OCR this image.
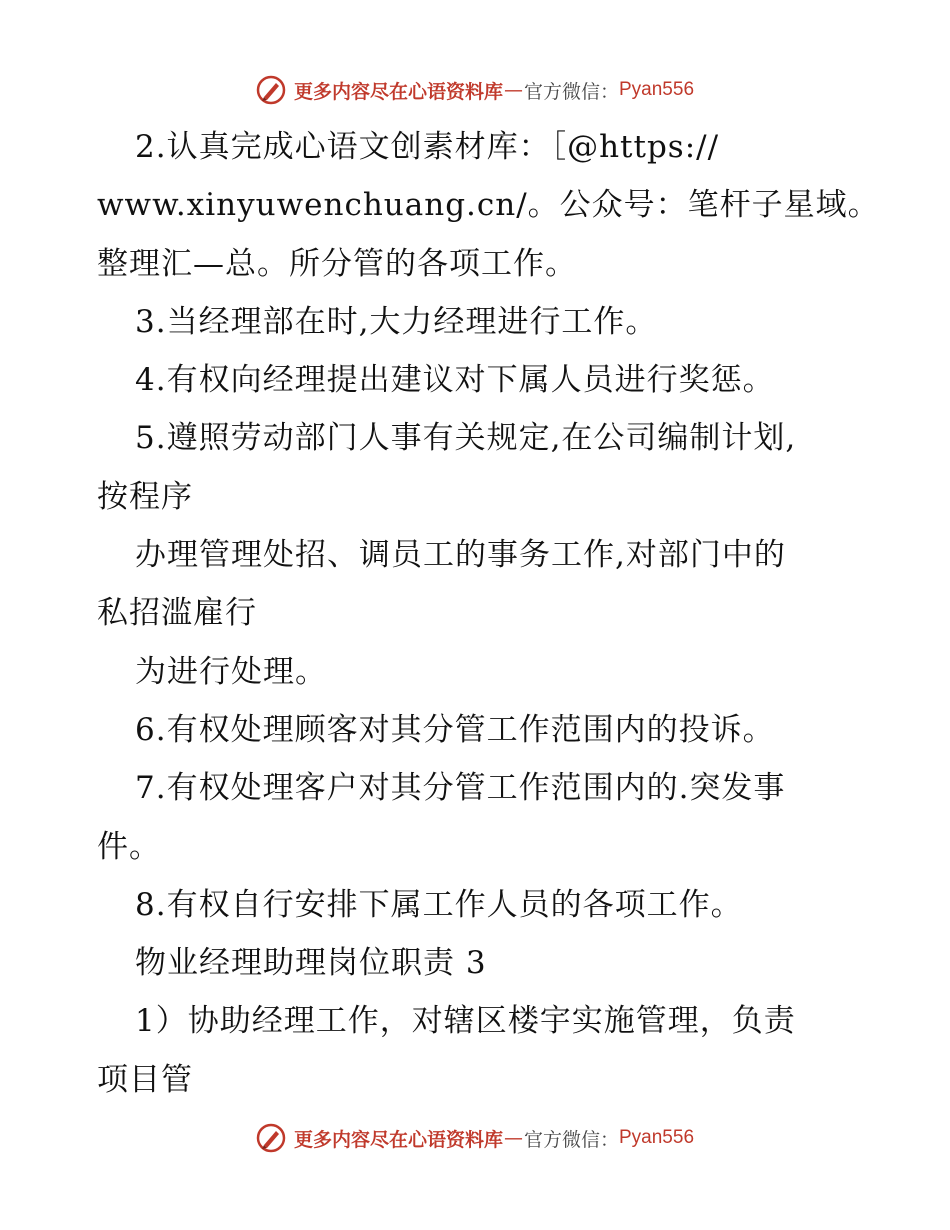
更多内容尽在心语资料库 — 官方微信： Pyan556
2.认真完成心语文创素材库：［@https://
www.xinyuwenchuang.cn/。公众号：笔杆子星域。
整理汇—总。所分管的各项工作。
3.当经理部在时,大力经理进行工作。
4.有权向经理提出建议对下属人员进行奖惩。
5.遵照劳动部门人事有关规定,在公司编制计划,
按程序
办理管理处招、调员工的事务工作,对部门中的
私招滥雇行
为进行处理。
6.有权处理顾客对其分管工作范围内的投诉。
7.有权处理客户对其分管工作范围内的.突发事
件。
8.有权自行安排下属工作人员的各项工作。
物业经理助理岗位职责 3
1）协助经理工作，对辖区楼宇实施管理，负责
项目管
更多内容尽在心语资料库 — 官方微信： Pyan556
